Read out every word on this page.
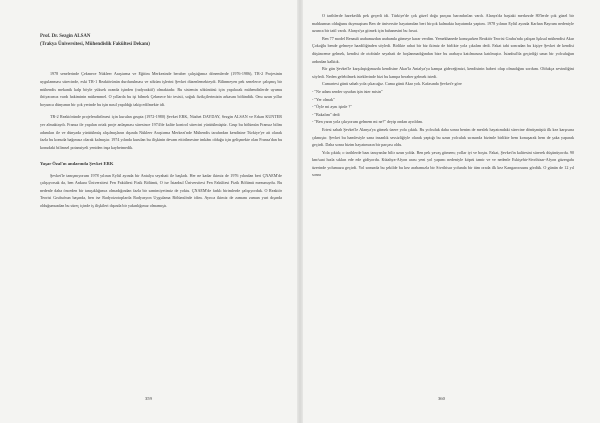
Prof. Dr. Sezgin ALSAN
(Trakya Üniversitesi, Mühendislik Fakültesi Dekanı)

1978 senelerinde Çekmece Nükleer Araştırma ve Eğitim Merkezinde beraber çalıştığımız dönemlerde (1976-1986), TR-2 Projesinin uygulanması sürecinde, eski TR-1 Reaktörünün durdurulması ve söküm işlerini Şevket düzenlemekteydi. Bilinmeyen pek senelerce çalışmış bir mühendis mekanik kalp böyle yüksek oranda işinden (radyoaktif) olmaktadır. Bu sistemin söküntüsü için yapılacak mühendislerde uyumu ihtiyacımız vardı hakiminin mükemmel. O yıllarda bu işi bilmek Çekmece bir tesisti, soğuk fizikçilerimizin arkasını bölündük. Onu uzun yıllar boyunca dünyanın bir çok yerinde bu işin nasıl yapıldığı takip edilmekte idi.

TR-2 Reaktöründe projelendirilmesi için kurulan grupta (1972-1980) Şevket ERK, Nüzhet DAYDAY, Sezgin ALSAN ve Erkan KUNTER yer almaktaydı. Fransa ile yapılan ortak proje anlaşması süresince 1974'de kalite kontrol sürecini yürütülmüştür. Grup bu bölümün Fransız bilim adamları ile ve dünyada yürütülmüş alışılmışların dışında Nükleer Araştırma Merkezi'nde Mühendis tarafından kendisine Türkiye'ye ait olarak fazla bu konuda bağımsız olarak kalmıştır. 1974 yılında kurulan bu ilişkinin devam ettirilmesine imkânı olduğu için gelişmekte olan Fransa'dan bu konudaki bilimsel potansiyeli yeniden inşa kaybetmedik.

Yaşar Özal'ın anılarında Şevket ERK

Şevket'le tanışmıyorum 1978 yılının Eylül ayında bir Antalya seyahati ile başladı. Her ne kadar ikimiz de 1976 yılından beri ÇNAEM'de çalışıyorsak da, ben Ankara Üniversitesi Fen Fakültesi Fizik Bölümü, O ise İstanbul Üniversitesi Fen Fakültesi Fizik Bölümü mezunuydu. Bu nedenle daha önceden bir tanışıklığımız olmadığından fazla bir samimiyetimiz de yoktu. ÇNAEM'de farklı birimlerde çalışıyorduk. O Reaktör Teorisi Grubu'nun başında, ben ise Radyoizotoplarda Radyasyon Uygulama Bölümü'nde idim. Ayrıca ikimiz de zamanı zaman yurt dışında olduğumuzdan bu süreç içinde iş ilişkileri dışında bir yakınlığımız olmamıştı.

359

O tarihlerde hareketlik pek geçerli idi. Türkiye'de çok güzel doğa parçası barındırılan vardı. Alanya'da baştaki merkezde 80'lerde çok güzel bir mahkumun olduğunu duymuştum Ben de üniversite hayatımdan beri birçok kalmakta hayatımda yaptım. 1978 yılının Eylül ayında Karhan Bayram nedeniyle uzunca bir tatil vardı. Alanya'ya gitmek için bahanesini bu fırsat.

Ben 77 model Renault arabamızdan arabamla gitmeye karar verdim. Yemekhanede konuşurken Reaktör Teorisi Grubu'nda çalışan Işıksal mühendisi Akar Çokoğlu bende gelmeye hazdiliğinden söyledi. Birlikte rahat bir biz ikimiz de birlikte yola çıkalım dedi. Fakat tabi sonradan bu kişiye Şevket de kendisi düşünceme gelmek, kendisi de otobüsle seyahati de hoşlanmadığından bize bu arabaya katılmasına katılmıştır. İstanbul'da geçirdiği uzun bir yolculuğun ardından kalktık.

Bir gün Şevket'le karşılaştığımızda kendisine Akar'la Antalya'ya kampa gideceğimizi, kendisinin haberi olup olmadığını sordum. Oldukça sevindiğini söyledi. Neden gelebilmek isteklerinde bizi bu kampa beraber gelmek istedi.

Cumartesi günü sabah yola çıkacağız. Cuma günü Akar yok. Kafasında Şevket'e göre

- "Ne adam sender uyudun işin ister misin"

- "Yer olmak"

- "Öyle mi aynı işinle ?"

- "Bakalım" dedi

- "Ben yarın yola çıkıyorum gelmem mi ne?" deyip ondan ayrıldım.

Ertesi sabah Şevket'le Alanya'ya gitmek üzere yola çıktık. Bu yolculuk daha sonra benim de meslek hayatımdaki sürecine dönüşmüştü ilk kez karşısına çıkmıştır. Şevket bu hamlesiyle sana insanlık sessizliğiyle olarak yaptığı bu uzun yolculuk sırasında bizimle birlikte hem konuşarak hem de şaka yaparak geçirdi. Daha sonra bizim hayatımızın bir parçası oldu.

Yola çıktık; o tarihlerde bazı tanıyanlar bilir uzun yolda. Ben pek yavaş gitmem; yollar iyi ve boştu. Fakat, Şevket'in kalitesini sürerek düşünüyordu. 90 km/saat hızla sıkları ede ede gidiyordu. Kütahya-Afyon arası yeni yol yapımı nedeniyle köprü tamir ve ve nedenle Eskişehir-Sivrihisar-Afyon güzergahı üzerinde yolumuzu geçirdi. Yol sonunda bu şekilde bu kez arabamızla bir Sivrihisar yolunda bir tüm orada ilk kez Kangaroosunu gördük. O günün de 12 yıl sonra

360
